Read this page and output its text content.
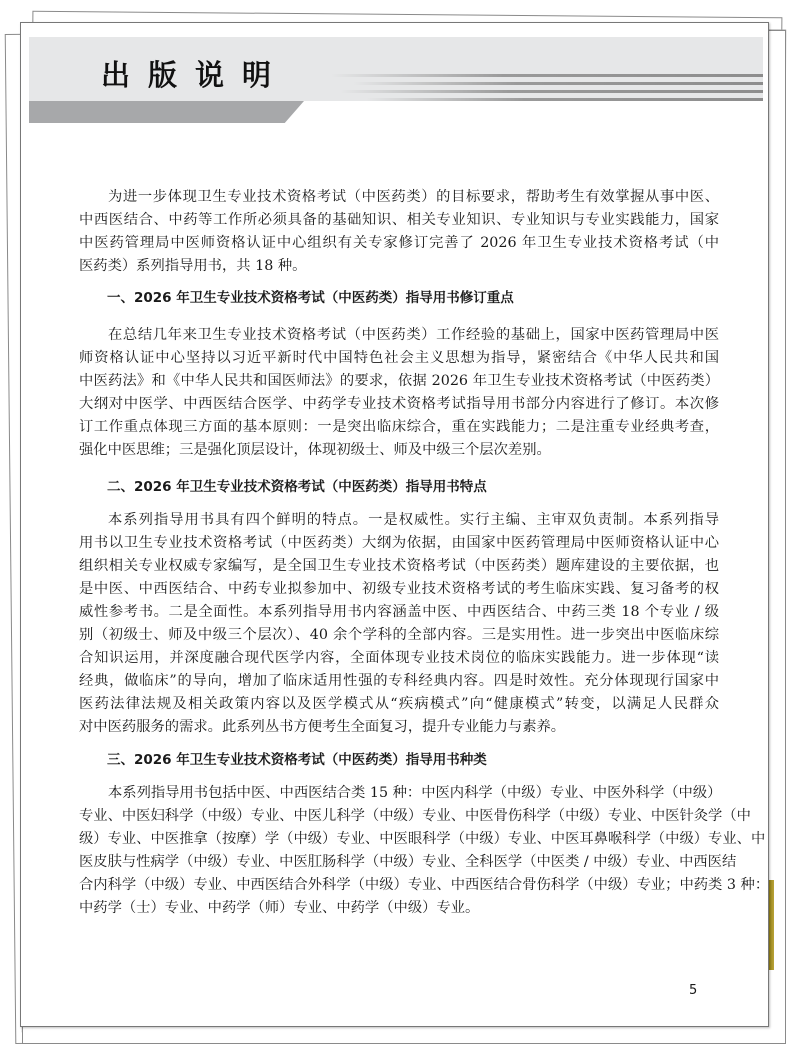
出版说明
为进一步体现卫生专业技术资格考试（中医药类）的目标要求，帮助考生有效掌握从事中医、
中西医结合、中药等工作所必须具备的基础知识、相关专业知识、专业知识与专业实践能力，国家
中医药管理局中医师资格认证中心组织有关专家修订完善了 2026 年卫生专业技术资格考试（中
医药类）系列指导用书，共 18 种。
一、2026 年卫生专业技术资格考试（中医药类）指导用书修订重点
在总结几年来卫生专业技术资格考试（中医药类）工作经验的基础上，国家中医药管理局中医
师资格认证中心坚持以习近平新时代中国特色社会主义思想为指导，紧密结合《中华人民共和国
中医药法》和《中华人民共和国医师法》的要求，依据 2026 年卫生专业技术资格考试（中医药类）
大纲对中医学、中西医结合医学、中药学专业技术资格考试指导用书部分内容进行了修订。本次修
订工作重点体现三方面的基本原则：一是突出临床综合，重在实践能力；二是注重专业经典考查，
强化中医思维；三是强化顶层设计，体现初级士、师及中级三个层次差别。
二、2026 年卫生专业技术资格考试（中医药类）指导用书特点
本系列指导用书具有四个鲜明的特点。一是权威性。实行主编、主审双负责制。本系列指导
用书以卫生专业技术资格考试（中医药类）大纲为依据，由国家中医药管理局中医师资格认证中心
组织相关专业权威专家编写，是全国卫生专业技术资格考试（中医药类）题库建设的主要依据，也
是中医、中西医结合、中药专业拟参加中、初级专业技术资格考试的考生临床实践、复习备考的权
威性参考书。二是全面性。本系列指导用书内容涵盖中医、中西医结合、中药三类 18 个专业 / 级
别（初级士、师及中级三个层次）、40 余个学科的全部内容。三是实用性。进一步突出中医临床综
合知识运用，并深度融合现代医学内容，全面体现专业技术岗位的临床实践能力。进一步体现“读
经典，做临床”的导向，增加了临床适用性强的专科经典内容。四是时效性。充分体现现行国家中
医药法律法规及相关政策内容以及医学模式从“疾病模式”向“健康模式”转变，以满足人民群众
对中医药服务的需求。此系列丛书方便考生全面复习，提升专业能力与素养。
三、2026 年卫生专业技术资格考试（中医药类）指导用书种类
本系列指导用书包括中医、中西医结合类 15 种：中医内科学（中级）专业、中医外科学（中级）
专业、中医妇科学（中级）专业、中医儿科学（中级）专业、中医骨伤科学（中级）专业、中医针灸学（中
级）专业、中医推拿（按摩）学（中级）专业、中医眼科学（中级）专业、中医耳鼻喉科学（中级）专业、中
医皮肤与性病学（中级）专业、中医肛肠科学（中级）专业、全科医学（中医类 / 中级）专业、中西医结
合内科学（中级）专业、中西医结合外科学（中级）专业、中西医结合骨伤科学（中级）专业；中药类 3 种：
中药学（士）专业、中药学（师）专业、中药学（中级）专业。
5
